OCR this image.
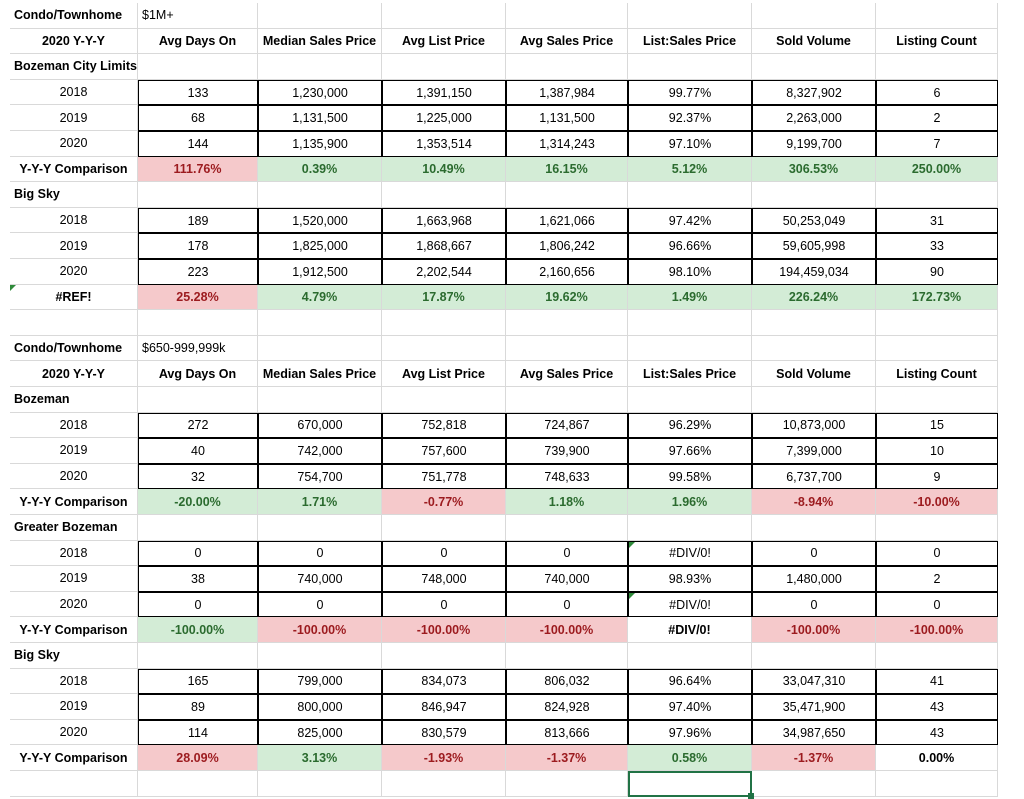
Condo/Townhome	$1M+
2020 Y-Y-Y	Avg Days On	Median Sales Price	Avg List Price	Avg Sales Price	List:Sales Price	Sold Volume	Listing Count
Bozeman City Limits
2018	133	1,230,000	1,391,150	1,387,984	99.77%	8,327,902	6
2019	68	1,131,500	1,225,000	1,131,500	92.37%	2,263,000	2
2020	144	1,135,900	1,353,514	1,314,243	97.10%	9,199,700	7
Y-Y-Y Comparison	111.76%	0.39%	10.49%	16.15%	5.12%	306.53%	250.00%
Big Sky
2018	189	1,520,000	1,663,968	1,621,066	97.42%	50,253,049	31
2019	178	1,825,000	1,868,667	1,806,242	96.66%	59,605,998	33
2020	223	1,912,500	2,202,544	2,160,656	98.10%	194,459,034	90
#REF!	25.28%	4.79%	17.87%	19.62%	1.49%	226.24%	172.73%
Condo/Townhome	$650-999,999k
2020 Y-Y-Y	Avg Days On	Median Sales Price	Avg List Price	Avg Sales Price	List:Sales Price	Sold Volume	Listing Count
Bozeman
2018	272	670,000	752,818	724,867	96.29%	10,873,000	15
2019	40	742,000	757,600	739,900	97.66%	7,399,000	10
2020	32	754,700	751,778	748,633	99.58%	6,737,700	9
Y-Y-Y Comparison	-20.00%	1.71%	-0.77%	1.18%	1.96%	-8.94%	-10.00%
Greater Bozeman
2018	0	0	0	0	#DIV/0!	0	0
2019	38	740,000	748,000	740,000	98.93%	1,480,000	2
2020	0	0	0	0	#DIV/0!	0	0
Y-Y-Y Comparison	-100.00%	-100.00%	-100.00%	-100.00%	#DIV/0!	-100.00%	-100.00%
Big Sky
2018	165	799,000	834,073	806,032	96.64%	33,047,310	41
2019	89	800,000	846,947	824,928	97.40%	35,471,900	43
2020	114	825,000	830,579	813,666	97.96%	34,987,650	43
Y-Y-Y Comparison	28.09%	3.13%	-1.93%	-1.37%	0.58%	-1.37%	0.00%
